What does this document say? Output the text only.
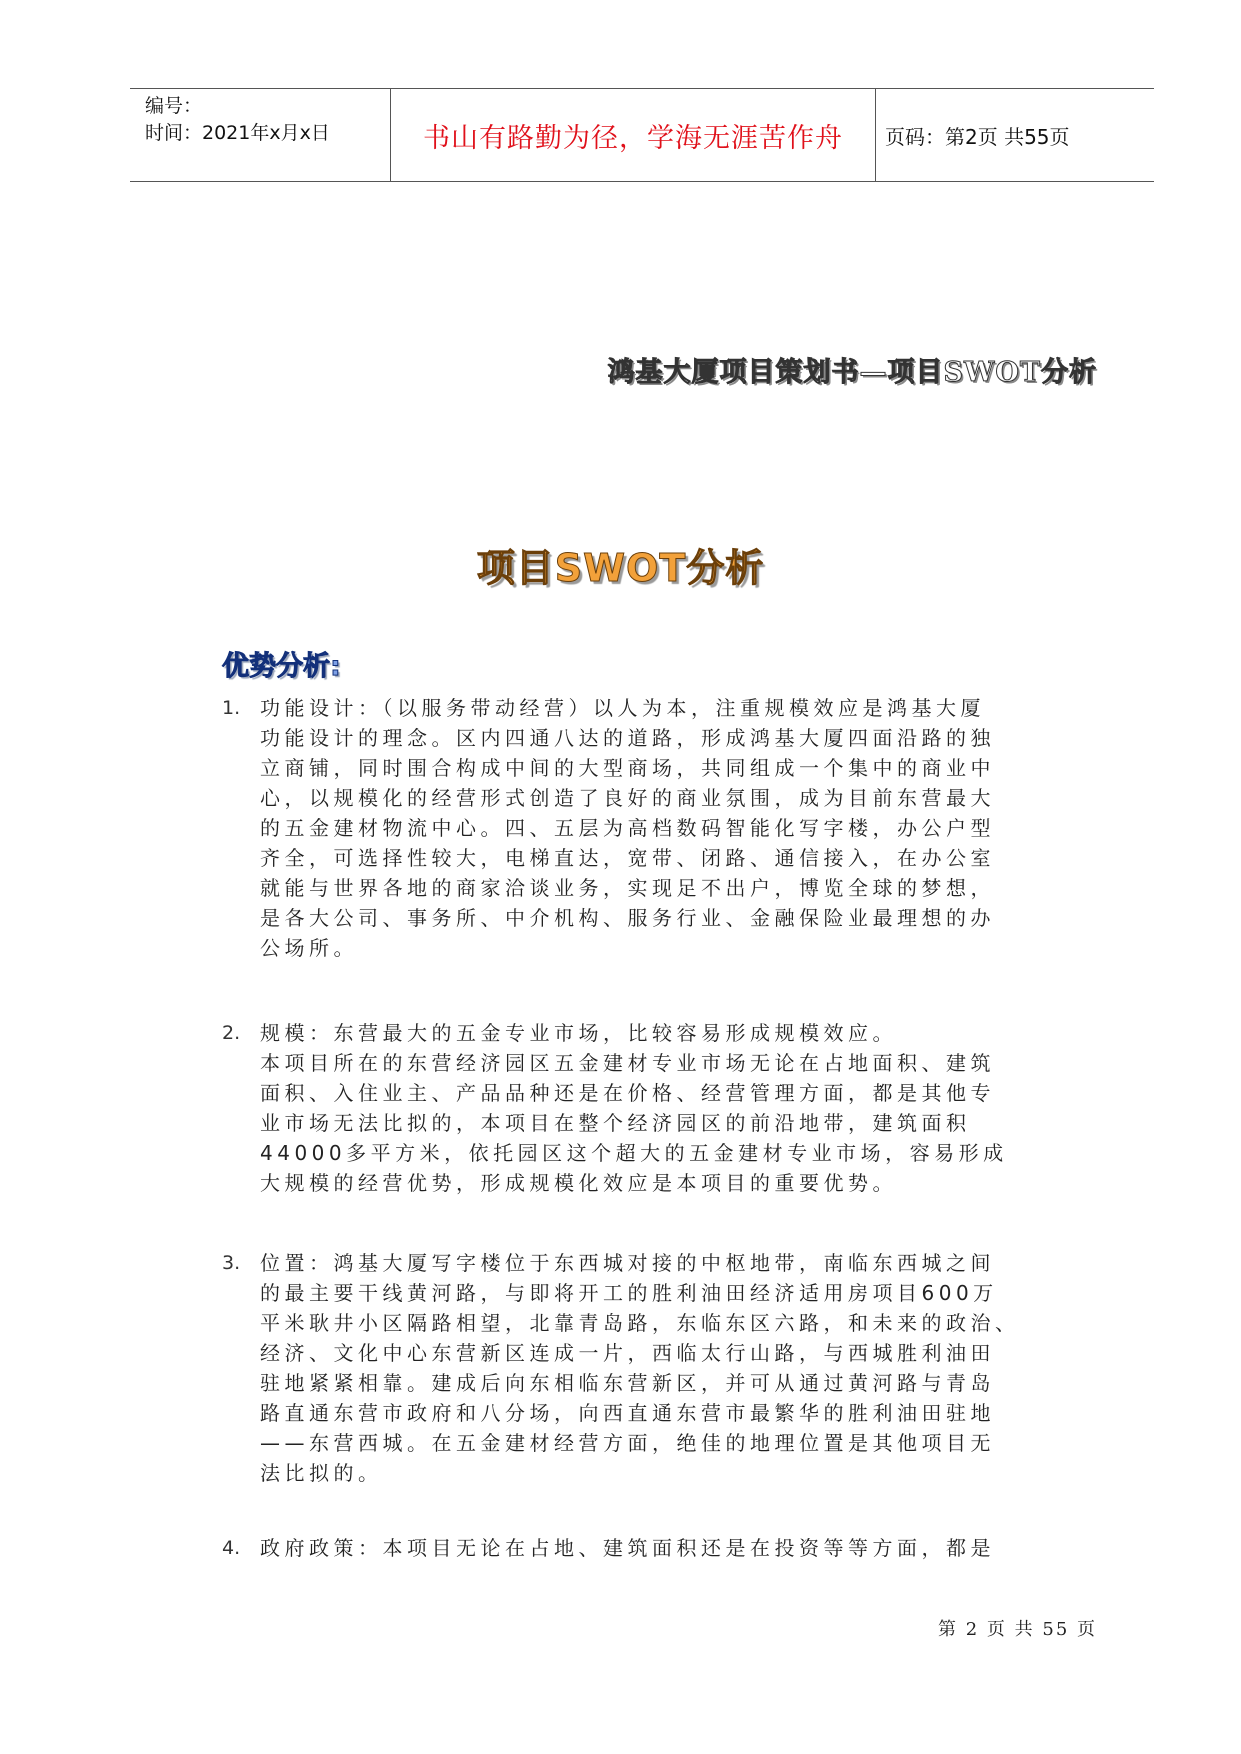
编号：
时间：2021年x月x日	书山有路勤为径，学海无涯苦作舟	页码：第2页 共55页
鸿基大厦项目策划书—项目SWOT分析
项目SWOT分析
优势分析:
1. 功能设计：（以服务带动经营）以人为本，注重规模效应是鸿基大厦
功能设计的理念。区内四通八达的道路，形成鸿基大厦四面沿路的独
立商铺，同时围合构成中间的大型商场，共同组成一个集中的商业中
心，以规模化的经营形式创造了良好的商业氛围，成为目前东营最大
的五金建材物流中心。四、五层为高档数码智能化写字楼，办公户型
齐全，可选择性较大，电梯直达，宽带、闭路、通信接入，在办公室
就能与世界各地的商家洽谈业务，实现足不出户，博览全球的梦想，
是各大公司、事务所、中介机构、服务行业、金融保险业最理想的办
公场所。
2. 规模：东营最大的五金专业市场，比较容易形成规模效应。
本项目所在的东营经济园区五金建材专业市场无论在占地面积、建筑
面积、入住业主、产品品种还是在价格、经营管理方面，都是其他专
业市场无法比拟的，本项目在整个经济园区的前沿地带，建筑面积
44000多平方米，依托园区这个超大的五金建材专业市场，容易形成
大规模的经营优势，形成规模化效应是本项目的重要优势。
3. 位置：鸿基大厦写字楼位于东西城对接的中枢地带，南临东西城之间
的最主要干线黄河路，与即将开工的胜利油田经济适用房项目600万
平米耿井小区隔路相望，北靠青岛路，东临东区六路，和未来的政治、
经济、文化中心东营新区连成一片，西临太行山路，与西城胜利油田
驻地紧紧相靠。建成后向东相临东营新区，并可从通过黄河路与青岛
路直通东营市政府和八分场，向西直通东营市最繁华的胜利油田驻地
——东营西城。在五金建材经营方面，绝佳的地理位置是其他项目无
法比拟的。
4. 政府政策：本项目无论在占地、建筑面积还是在投资等等方面，都是
第 2 页 共 55 页
